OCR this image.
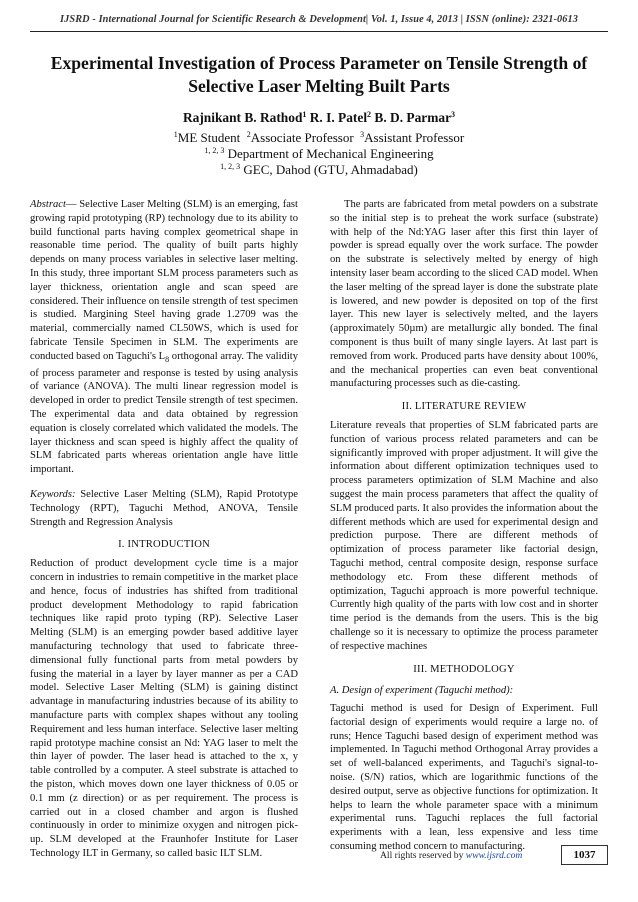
IJSRD - International Journal for Scientific Research & Development| Vol. 1, Issue 4, 2013 | ISSN (online): 2321-0613
Experimental Investigation of Process Parameter on Tensile Strength of Selective Laser Melting Built Parts
Rajnikant B. Rathod$^1$ R. I. Patel$^2$ B. D. Parmar$^3$
$^1$ME Student $^2$Associate Professor $^3$Assistant Professor
$^{1, 2, 3}$ Department of Mechanical Engineering
$^{1, 2, 3}$ GEC, Dahod (GTU, Ahmadabad)

Abstract— Selective Laser Melting (SLM) is an emerging, fast growing rapid prototyping (RP) technology due to its ability to build functional parts having complex geometrical shape in reasonable time period. The quality of built parts highly depends on many process variables in selective laser melting. In this study, three important SLM process parameters such as layer thickness, orientation angle and scan speed are considered. Their influence on tensile strength of test specimen is studied. Margining Steel having grade 1.2709 was the material, commercially named CL50WS, which is used for fabricate Tensile Specimen in SLM. The experiments are conducted based on Taguchi's $L_8$ orthogonal array. The validity of process parameter and response is tested by using analysis of variance (ANOVA). The multi linear regression model is developed in order to predict Tensile strength of test specimen. The experimental data and data obtained by regression equation is closely correlated which validated the models. The layer thickness and scan speed is highly affect the quality of SLM fabricated parts whereas orientation angle have little important.

Keywords: Selective Laser Melting (SLM), Rapid Prototype Technology (RPT), Taguchi Method, ANOVA, Tensile Strength and Regression Analysis

I. INTRODUCTION

Reduction of product development cycle time is a major concern in industries to remain competitive in the market place and hence, focus of industries has shifted from traditional product development Methodology to rapid fabrication techniques like rapid proto typing (RP). Selective Laser Melting (SLM) is an emerging powder based additive layer manufacturing technology that used to fabricate three-dimensional fully functional parts from metal powders by fusing the material in a layer by layer manner as per a CAD model. Selective Laser Melting (SLM) is gaining distinct advantage in manufacturing industries because of its ability to manufacture parts with complex shapes without any tooling Requirement and less human interface. Selective laser melting rapid prototype machine consist an Nd: YAG laser to melt the thin layer of powder. The laser head is attached to the x, y table controlled by a computer. A steel substrate is attached to the piston, which moves down one layer thickness of 0.05 or 0.1 mm (z direction) or as per requirement. The process is carried out in a closed chamber and argon is flushed continuously in order to minimize oxygen and nitrogen pick-up. SLM developed at the Fraunhofer Institute for Laser Technology ILT in Germany, so called basic ILT SLM.

The parts are fabricated from metal powders on a substrate so the initial step is to preheat the work surface (substrate) with help of the Nd:YAG laser after this first thin layer of powder is spread equally over the work surface. The powder on the substrate is selectively melted by energy of high intensity laser beam according to the sliced CAD model. When the laser melting of the spread layer is done the substrate plate is lowered, and new powder is deposited on top of the first layer. This new layer is selectively melted, and the layers (approximately 50µm) are metallurgic ally bonded. The final component is thus built of many single layers. At last part is removed from work. Produced parts have density about 100%, and the mechanical properties can even beat conventional manufacturing processes such as die-casting.

II. LITERATURE REVIEW

Literature reveals that properties of SLM fabricated parts are function of various process related parameters and can be significantly improved with proper adjustment. It will give the information about different optimization techniques used to process parameters optimization of SLM Machine and also suggest the main process parameters that affect the quality of SLM produced parts. It also provides the information about the different methods which are used for experimental design and prediction purpose. There are different methods of optimization of process parameter like factorial design, Taguchi method, central composite design, response surface methodology etc. From these different methods of optimization, Taguchi approach is more powerful technique. Currently high quality of the parts with low cost and in shorter time period is the demands from the users. This is the big challenge so it is necessary to optimize the process parameter of respective machines

III. METHODOLOGY
A. Design of experiment (Taguchi method):

Taguchi method is used for Design of Experiment. Full factorial design of experiments would require a large no. of runs; Hence Taguchi based design of experiment method was implemented. In Taguchi method Orthogonal Array provides a set of well-balanced experiments, and Taguchi's signal-to-noise. (S/N) ratios, which are logarithmic functions of the desired output, serve as objective functions for optimization. It helps to learn the whole parameter space with a minimum experimental runs. Taguchi replaces the full factorial experiments with a lean, less expensive and less time consuming method concern to manufacturing.

All rights reserved by www.ijsrd.com	1037
